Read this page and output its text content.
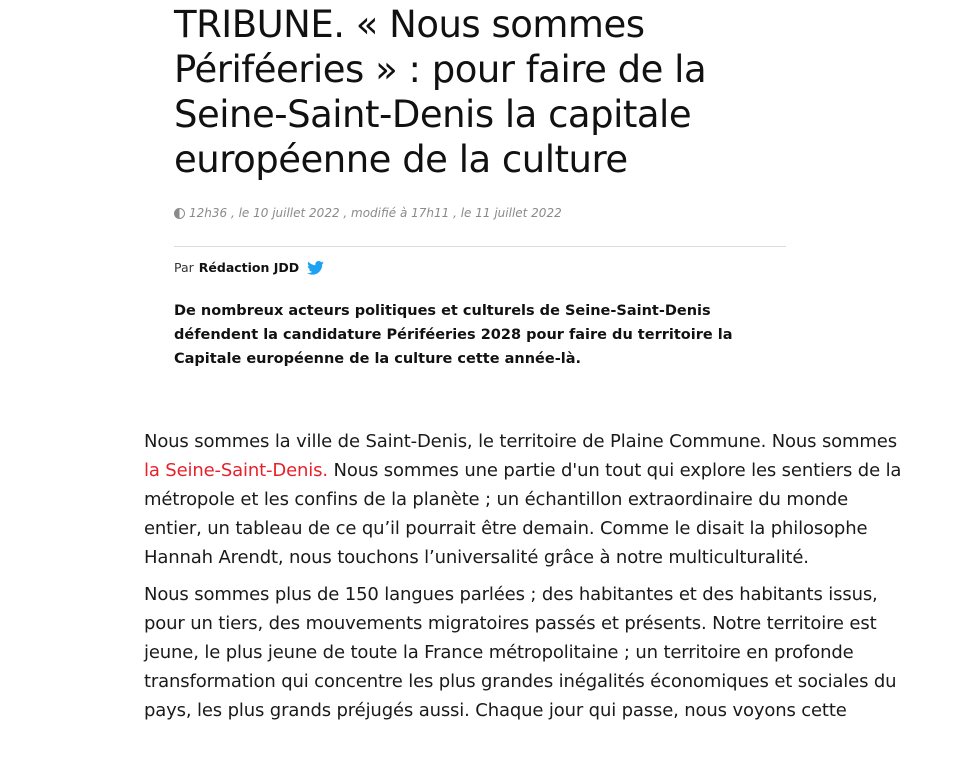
TRIBUNE. « Nous sommes Périféeries » : pour faire de la Seine-Saint-Denis la capitale européenne de la culture
12h36 , le 10 juillet 2022 , modifié à 17h11 , le 11 juillet 2022
Par Rédaction JDD
De nombreux acteurs politiques et culturels de Seine-Saint-Denis défendent la candidature Périféeries 2028 pour faire du territoire la Capitale européenne de la culture cette année-là.

Nous sommes la ville de Saint-Denis, le territoire de Plaine Commune. Nous sommes la Seine-Saint-Denis. Nous sommes une partie d'un tout qui explore les sentiers de la métropole et les confins de la planète ; un échantillon extraordinaire du monde entier, un tableau de ce qu’il pourrait être demain. Comme le disait la philosophe Hannah Arendt, nous touchons l’universalité grâce à notre multiculturalité.

Nous sommes plus de 150 langues parlées ; des habitantes et des habitants issus, pour un tiers, des mouvements migratoires passés et présents. Notre territoire est jeune, le plus jeune de toute la France métropolitaine ; un territoire en profonde transformation qui concentre les plus grandes inégalités économiques et sociales du pays, les plus grands préjugés aussi. Chaque jour qui passe, nous voyons cette
